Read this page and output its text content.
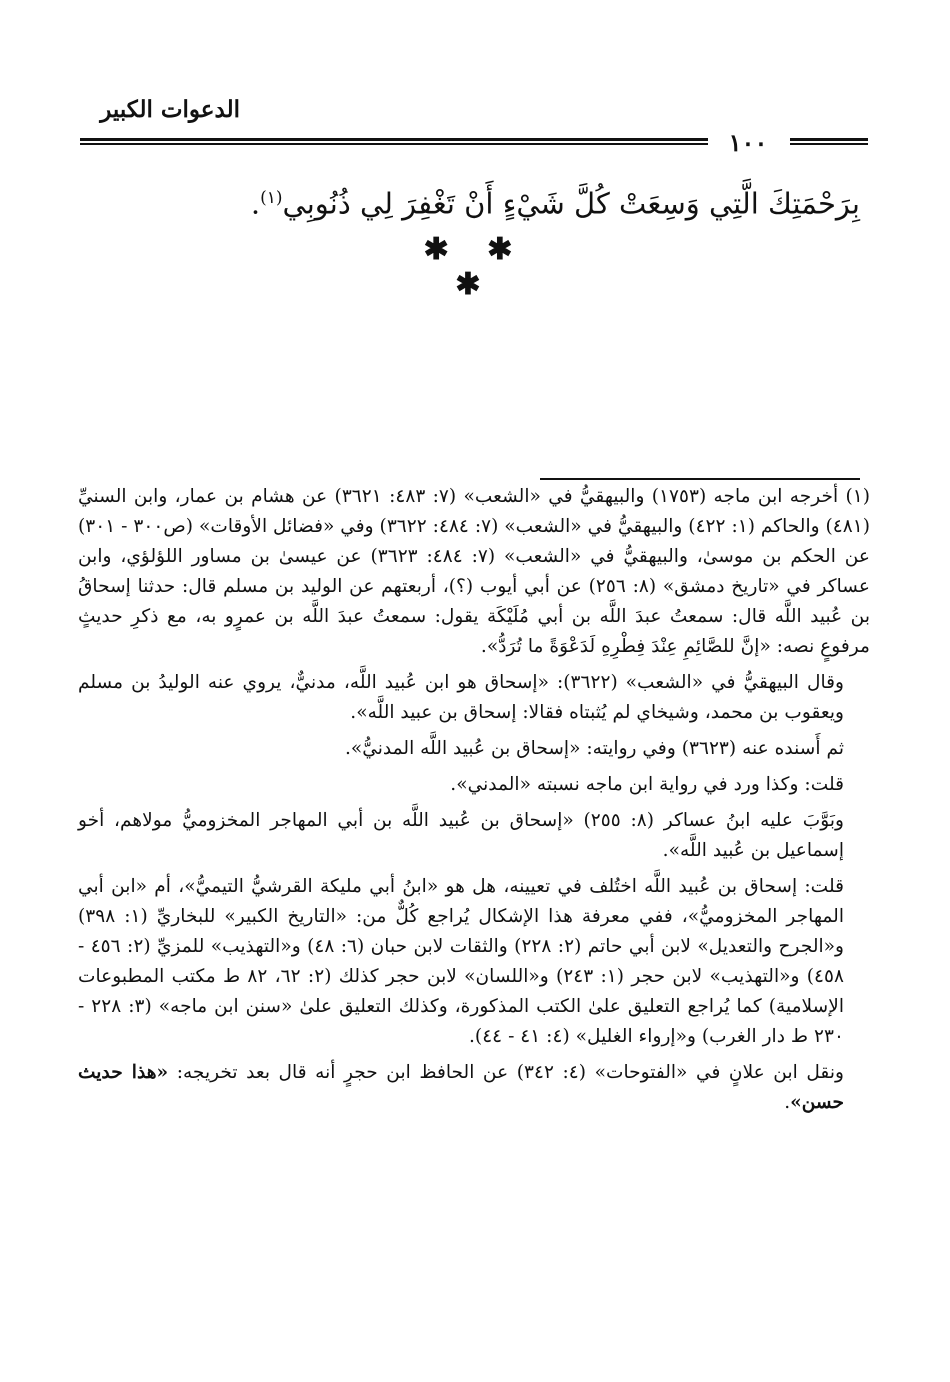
الدعوات الكبير
١٠٠
بِرَحْمَتِكَ الَّتِي وَسِعَتْ كُلَّ شَيْءٍ أَنْ تَغْفِرَ لِي ذُنُوبِي$^{(١)}$.
✱ ✱ ✱

(١) أخرجه ابن ماجه (١٧٥٣) والبيهقيُّ في «الشعب» (٧: ٤٨٣: ٣٦٢١) عن هشام بن عمار، وابن السنيِّ (٤٨١) والحاكم (١: ٤٢٢) والبيهقيُّ في «الشعب» (٧: ٤٨٤: ٣٦٢٢) وفي «فضائل الأوقات» (ص٣٠٠ - ٣٠١) عن الحكم بن موسىٰ، والبيهقيُّ في «الشعب» (٧: ٤٨٤: ٣٦٢٣) عن عيسىٰ بن مساور اللؤلؤي، وابن عساكر في «تاريخ دمشق» (٨: ٢٥٦) عن أبي أيوب (؟)، أربعتهم عن الوليد بن مسلم قال: حدثنا إسحاقُ بن عُبيد اللَّه قال: سمعتُ عبدَ اللَّه بن أبي مُلَيْكَة يقول: سمعتُ عبدَ اللَّه بن عمرٍو به، مع ذكرِ حديثٍ مرفوعٍ نصه: «إنَّ للصَّائِمِ عِنْدَ فِطْرِهِ لَدَعْوَةً ما تُرَدُّ».

وقال البيهقيُّ في «الشعب» (٣٦٢٢): «إسحاق هو ابن عُبيد اللَّه، مدنيٌّ، يروي عنه الوليدُ بن مسلم ويعقوب بن محمد، وشيخاي لم يُثبتاه فقالا: إسحاق بن عبيد اللَّه».

ثم أَسنده عنه (٣٦٢٣) وفي روايته: «إسحاق بن عُبيد اللَّه المدنيُّ».

قلت: وكذا ورد في رواية ابن ماجه نسبته «المدني».

وبَوَّبَ عليه ابنُ عساكر (٨: ٢٥٥) «إسحاق بن عُبيد اللَّه بن أبي المهاجر المخزوميُّ مولاهم، أخو إسماعيل بن عُبيد اللَّه».

قلت: إسحاق بن عُبيد اللَّه اختُلف في تعيينه، هل هو «ابنُ أبي مليكة القرشيُّ التيميُّ»، أم «ابن أبي المهاجر المخزوميُّ»، ففي معرفة هذا الإشكال يُراجع كُلٌّ من: «التاريخ الكبير» للبخاريِّ (١: ٣٩٨) و«الجرح والتعديل» لابن أبي حاتم (٢: ٢٢٨) والثقات لابن حبان (٦: ٤٨) و«التهذيب» للمزيِّ (٢: ٤٥٦ - ٤٥٨) و«التهذيب» لابن حجر (١: ٢٤٣) و«اللسان» لابن حجر كذلك (٢: ٦٢، ٨٢ ط مكتب المطبوعات الإسلامية) كما يُراجع التعليق علىٰ الكتب المذكورة، وكذلك التعليق علىٰ «سنن ابن ماجه» (٣: ٢٢٨ - ٢٣٠ ط دار الغرب) و«إرواء الغليل» (٤: ٤١ - ٤٤).

ونقل ابن علانٍ في «الفتوحات» (٤: ٣٤٢) عن الحافظ ابن حجرٍ أنه قال بعد تخريجه: «هذا حديث حسن».
